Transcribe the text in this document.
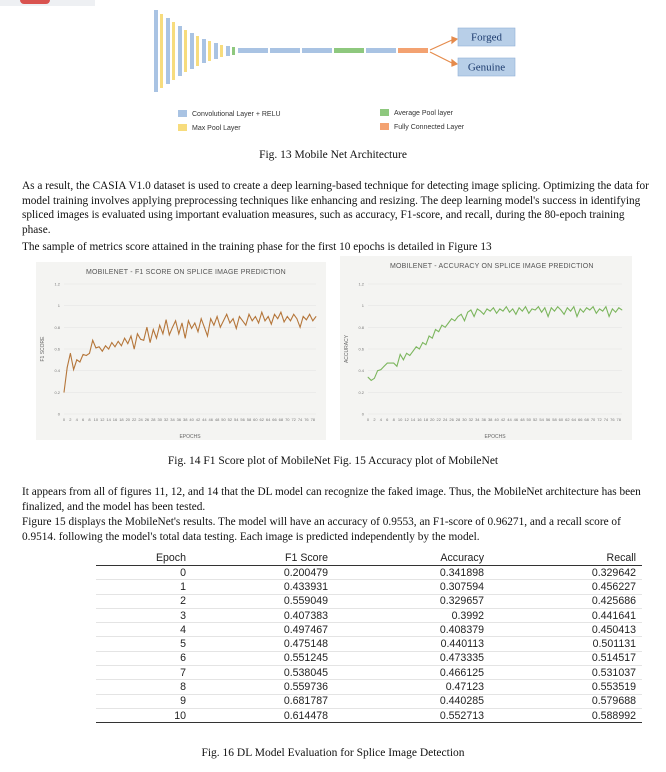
Forged
Genuine
Convolutional Layer + RELU
Max Pool Layer
Average Pool layer
Fully Connected Layer
Fig. 13 Mobile Net Architecture

As a result, the CASIA V1.0 dataset is used to create a deep learning-based technique for detecting image splicing. Optimizing the data for model training involves applying preprocessing techniques like enhancing and resizing. The deep learning model's success in identifying spliced images is evaluated using important evaluation measures, such as accuracy, F1-score, and recall, during the 80-epoch training phase.

The sample of metrics score attained in the training phase for the first 10 epochs is detailed in Figure 13

MOBILENET - F1 SCORE ON SPLICE IMAGE PREDICTION
0
0.2
0.4
0.6
0.8
1
1.2
0 2 4 6 8 10 12 14 16 18 20 22 24 26 28 30 32 34 36 38 40 42 44 46 48 50 52 54 56 58 60 62 64 66 68 70 72 74 76 78
EPOCHS
F1 SCORE
MOBILENET - ACCURACY ON SPLICE IMAGE PREDICTION
0
0.2
0.4
0.6
0.8
1
1.2
0 2 4 6 8 10 12 14 16 18 20 22 24 26 28 30 32 34 36 38 40 42 44 46 48 50 52 54 56 58 60 62 64 66 68 70 72 74 76 78
EPOCHS
ACCURACY
Fig. 14 F1 Score plot of MobileNet Fig. 15 Accuracy plot of MobileNet

It appears from all of figures 11, 12, and 14 that the DL model can recognize the faked image. Thus, the MobileNet architecture has been finalized, and the model has been tested.

Figure 15 displays the MobileNet's results. The model will have an accuracy of 0.9553, an F1-score of 0.96271, and a recall score of 0.9514. following the model's total data testing. Each image is predicted independently by the model.

Epoch	F1 Score	Accuracy	Recall
0	0.200479	0.341898	0.329642
1	0.433931	0.307594	0.456227
2	0.559049	0.329657	0.425686
3	0.407383	0.3992	0.441641
4	0.497467	0.408379	0.450413
5	0.475148	0.440113	0.501131
6	0.551245	0.473335	0.514517
7	0.538045	0.466125	0.531037
8	0.559736	0.47123	0.553519
9	0.681787	0.440285	0.579688
10	0.614478	0.552713	0.588992
Fig. 16 DL Model Evaluation for Splice Image Detection
